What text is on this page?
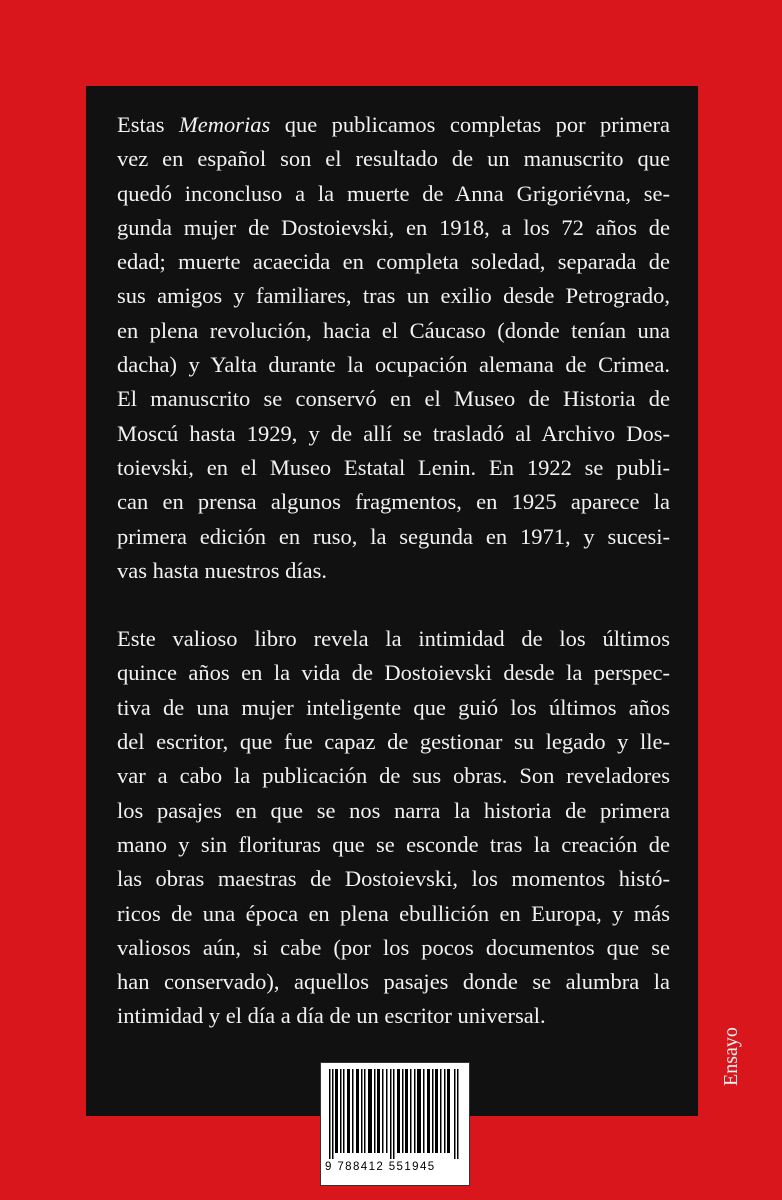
Estas Memorias que publicamos completas por primera
vez en español son el resultado de un manuscrito que
quedó inconcluso a la muerte de Anna Grigoriévna, se-
gunda mujer de Dostoievski, en 1918, a los 72 años de
edad; muerte acaecida en completa soledad, separada de
sus amigos y familiares, tras un exilio desde Petrogrado,
en plena revolución, hacia el Cáucaso (donde tenían una
dacha) y Yalta durante la ocupación alemana de Crimea.
El manuscrito se conservó en el Museo de Historia de
Moscú hasta 1929, y de allí se trasladó al Archivo Dos-
toievski, en el Museo Estatal Lenin. En 1922 se publi-
can en prensa algunos fragmentos, en 1925 aparece la
primera edición en ruso, la segunda en 1971, y sucesi-
vas hasta nuestros días.
Este valioso libro revela la intimidad de los últimos
quince años en la vida de Dostoievski desde la perspec-
tiva de una mujer inteligente que guió los últimos años
del escritor, que fue capaz de gestionar su legado y lle-
var a cabo la publicación de sus obras. Son reveladores
los pasajes en que se nos narra la historia de primera
mano y sin florituras que se esconde tras la creación de
las obras maestras de Dostoievski, los momentos histó-
ricos de una época en plena ebullición en Europa, y más
valiosos aún, si cabe (por los pocos documentos que se
han conservado), aquellos pasajes donde se alumbra la
intimidad y el día a día de un escritor universal.
Ensayo
9 788412 551945
